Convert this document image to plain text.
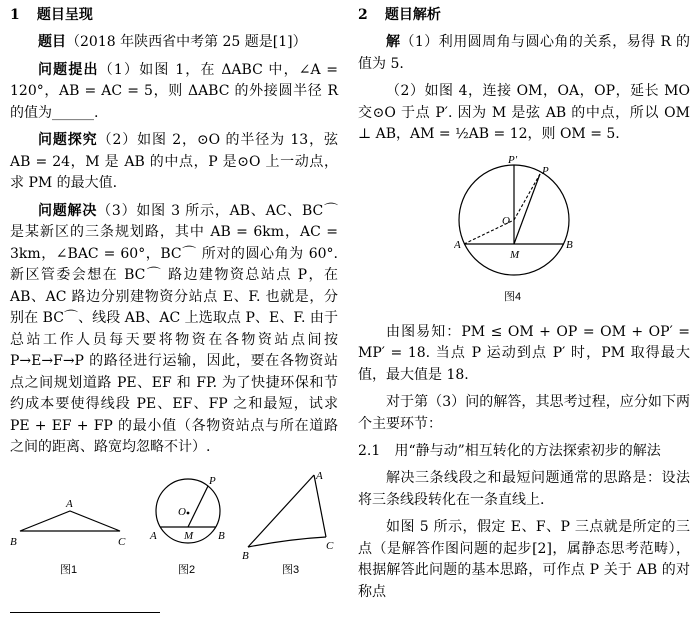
1 题目呈现

题目（2018 年陕西省中考第 25 题是[1]）

问题提出（1）如图 1，在 ΔABC 中，∠A = 120°，AB = AC = 5，则 ΔABC 的外接圆半径 R 的值为______.

问题探究（2）如图 2，⊙O 的半径为 13，弦 AB = 24，M 是 AB 的中点，P 是⊙O 上一动点，求 PM 的最大值.

问题解决（3）如图 3 所示，AB、AC、BC⌒ 是某新区的三条规划路，其中 AB = 6km，AC = 3km，∠BAC = 60°，BC⌒ 所对的圆心角为 60°. 新区管委会想在 BC⌒ 路边建物资总站点 P，在 AB、AC 路边分别建物资分站点 E、F. 也就是，分别在 BC⌒、线段 AB、AC 上选取点 P、E、F. 由于总站工作人员每天要将物资在各物资站点间按 P→E→F→P 的路径进行运输，因此，要在各物资站点之间规划道路 PE、EF 和 FP. 为了快捷环保和节约成本要使得线段 PE、EF、FP 之和最短，试求 PE + EF + FP 的最小值（各物资站点与所在道路之间的距离、路宽均忽略不计）.

A
B	C
图1
P
O
A M B
图2
A
B
C
图3
2 题目解析

解（1）利用圆周角与圆心角的关系，易得 R 的值为 5.

（2）如图 4，连接 OM，OA，OP，延长 MO 交⊙O 于点 P′. 因为 M 是弦 AB 的中点，所以 OM ⊥ AB，AM = ½AB = 12，则 OM = 5.

P′
P
O
A
M
B
图4

由图易知：PM ≤ OM + OP = OM + OP′ = MP′ = 18. 当点 P 运动到点 P′ 时，PM 取得最大值，最大值是 18.

对于第（3）问的解答，其思考过程，应分如下两个主要环节：

2.1 用“静与动”相互转化的方法探索初步的解法

解决三条线段之和最短问题通常的思路是：设法将三条线段转化在一条直线上.

如图 5 所示，假定 E、F、P 三点就是所定的三点（是解答作图问题的起步[2]，属静态思考范畴），根据解答此问题的基本思路，可作点 P 关于 AB 的对称点
